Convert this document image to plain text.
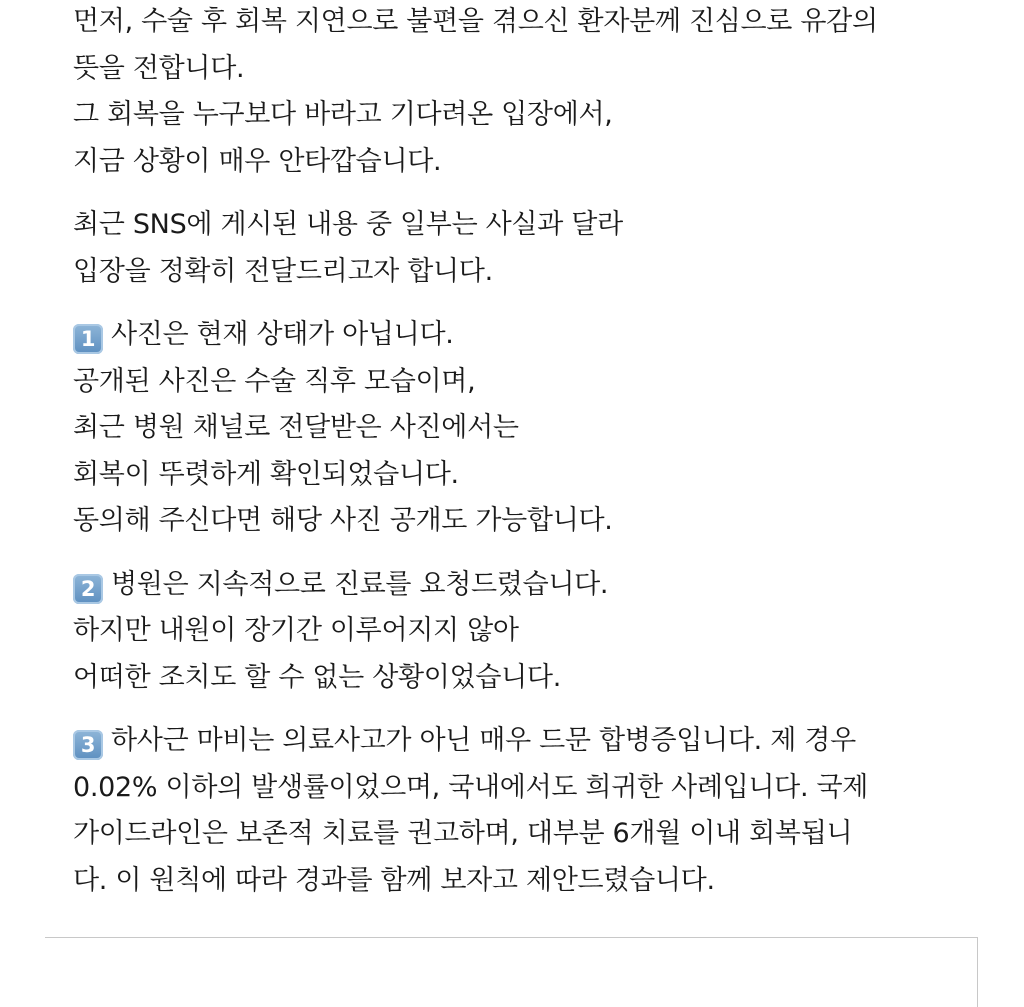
먼저, 수술 후 회복 지연으로 불편을 겪으신 환자분께 진심으로 유감의
뜻을 전합니다.
그 회복을 누구보다 바라고 기다려온 입장에서,
지금 상황이 매우 안타깝습니다.

최근 SNS에 게시된 내용 중 일부는 사실과 달라
입장을 정확히 전달드리고자 합니다.

1 사진은 현재 상태가 아닙니다.
공개된 사진은 수술 직후 모습이며,
최근 병원 채널로 전달받은 사진에서는
회복이 뚜렷하게 확인되었습니다.
동의해 주신다면 해당 사진 공개도 가능합니다.

2 병원은 지속적으로 진료를 요청드렸습니다.
하지만 내원이 장기간 이루어지지 않아
어떠한 조치도 할 수 없는 상황이었습니다.

3 하사근 마비는 의료사고가 아닌 매우 드문 합병증입니다. 제 경우
0.02% 이하의 발생률이었으며, 국내에서도 희귀한 사례입니다. 국제
가이드라인은 보존적 치료를 권고하며, 대부분 6개월 이내 회복됩니
다. 이 원칙에 따라 경과를 함께 보자고 제안드렸습니다.
